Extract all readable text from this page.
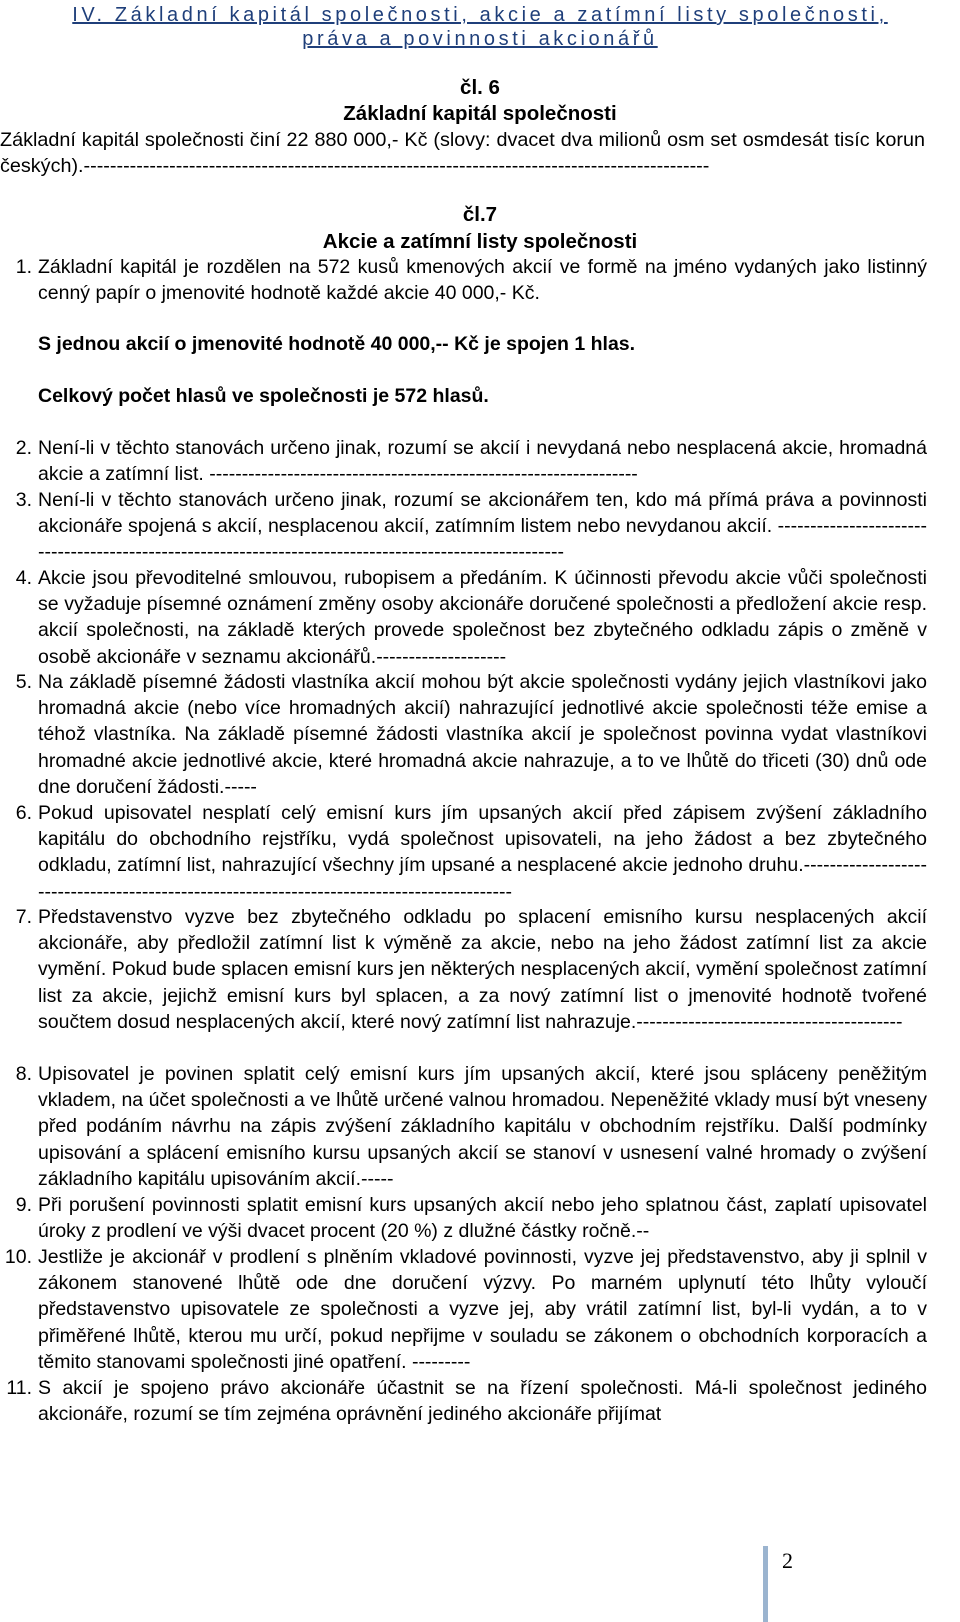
IV. Základní kapitál společnosti, akcie a zatímní listy společnosti,
práva a povinnosti akcionářů
čl. 6
Základní kapitál společnosti
Základní kapitál společnosti činí 22 880 000,- Kč (slovy: dvacet dva milionů osm set osmdesát tisíc korun českých).-----------------------------------------------------------------------------------------------
čl.7
Akcie a zatímní listy společnosti
1. Základní kapitál je rozdělen na 572 kusů kmenových akcií ve formě na jméno vydaných jako listinný cenný papír o jmenovité hodnotě každé akcie 40 000,- Kč.
S jednou akcií o jmenovité hodnotě 40 000,-- Kč je spojen 1 hlas.
Celkový počet hlasů ve společnosti je 572 hlasů.
2. Není-li v těchto stanovách určeno jinak, rozumí se akcií i nevydaná nebo nesplacená akcie, hromadná akcie a zatímní list. ------------------------------------------------------------------
3. Není-li v těchto stanovách určeno jinak, rozumí se akcionářem ten, kdo má přímá práva a povinnosti akcionáře spojená s akcií, nesplacenou akcií, zatímním listem nebo nevydanou akcií. --------------------------------------------------------------------------------------------------------
4. Akcie jsou převoditelné smlouvou, rubopisem a předáním. K účinnosti převodu akcie vůči společnosti se vyžaduje písemné oznámení změny osoby akcionáře doručené společnosti a předložení akcie resp. akcií společnosti, na základě kterých provede společnost bez zbytečného odkladu zápis o změně v osobě akcionáře v seznamu akcionářů.--------------------
5. Na základě písemné žádosti vlastníka akcií mohou být akcie společnosti vydány jejich vlastníkovi jako hromadná akcie (nebo více hromadných akcií) nahrazující jednotlivé akcie společnosti téže emise a téhož vlastníka. Na základě písemné žádosti vlastníka akcií je společnost povinna vydat vlastníkovi hromadné akcie jednotlivé akcie, které hromadná akcie nahrazuje, a to ve lhůtě do třiceti (30) dnů ode dne doručení žádosti.-----
6. Pokud upisovatel nesplatí celý emisní kurs jím upsaných akcií před zápisem zvýšení základního kapitálu do obchodního rejstříku, vydá společnost upisovateli, na jeho žádost a bez zbytečného odkladu, zatímní list, nahrazující všechny jím upsané a nesplacené akcie jednoho druhu.--------------------------------------------------------------------------------------------
7. Představenstvo vyzve bez zbytečného odkladu po splacení emisního kursu nesplacených akcií akcionáře, aby předložil zatímní list k výměně za akcie, nebo na jeho žádost zatímní list za akcie vymění. Pokud bude splacen emisní kurs jen některých nesplacených akcií, vymění společnost zatímní list za akcie, jejichž emisní kurs byl splacen, a za nový zatímní list o jmenovité hodnotě tvořené součtem dosud nesplacených akcií, které nový zatímní list nahrazuje.-----------------------------------------
8. Upisovatel je povinen splatit celý emisní kurs jím upsaných akcií, které jsou spláceny peněžitým vkladem, na účet společnosti a ve lhůtě určené valnou hromadou. Nepeněžité vklady musí být vneseny před podáním návrhu na zápis zvýšení základního kapitálu v obchodním rejstříku. Další podmínky upisování a splácení emisního kursu upsaných akcií se stanoví v usnesení valné hromady o zvýšení základního kapitálu upisováním akcií.-----
9. Při porušení povinnosti splatit emisní kurs upsaných akcií nebo jeho splatnou část, zaplatí upisovatel úroky z prodlení ve výši dvacet procent (20 %) z dlužné částky ročně.--
10. Jestliže je akcionář v prodlení s plněním vkladové povinnosti, vyzve jej představenstvo, aby ji splnil v zákonem stanovené lhůtě ode dne doručení výzvy. Po marném uplynutí této lhůty vyloučí představenstvo upisovatele ze společnosti a vyzve jej, aby vrátil zatímní list, byl-li vydán, a to v přiměřené lhůtě, kterou mu určí, pokud nepřijme v souladu se zákonem o obchodních korporacích a těmito stanovami společnosti jiné opatření. ---------
11. S akcií je spojeno právo akcionáře účastnit se na řízení společnosti. Má-li společnost jediného akcionáře, rozumí se tím zejména oprávnění jediného akcionáře přijímat
2
